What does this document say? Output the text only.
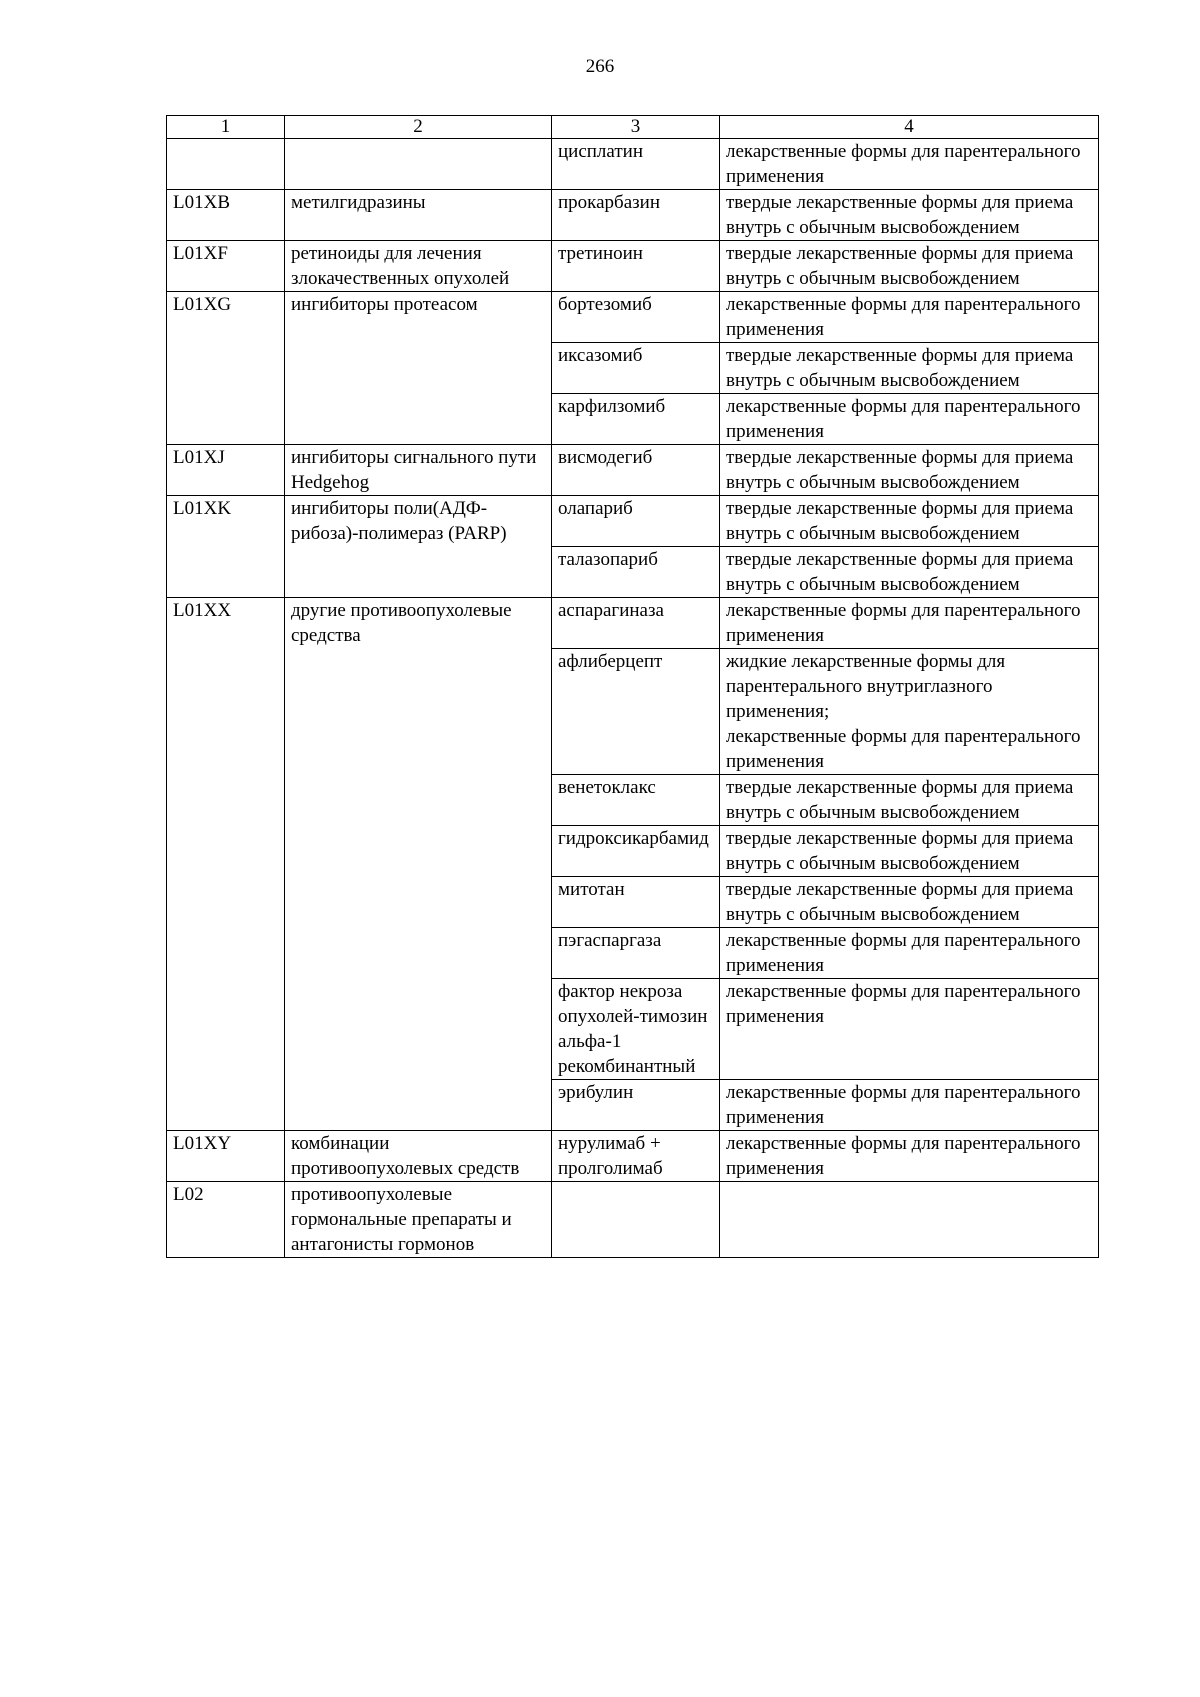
266
1	2	3	4
		цисплатин	лекарственные формы для парентерального применения

L01XB	метилгидразины	прокарбазин	твердые лекарственные формы для приема внутрь с обычным высвобождением

L01XF	ретиноиды для лечения злокачественных опухолей	третиноин	твердые лекарственные формы для приема внутрь с обычным высвобождением

L01XG	ингибиторы протеасом	бортезомиб	лекарственные формы для парентерального применения

		иксазомиб	твердые лекарственные формы для приема внутрь с обычным высвобождением

		карфилзомиб	лекарственные формы для парентерального применения

L01XJ	ингибиторы сигнального пути Hedgehog	висмодегиб	твердые лекарственные формы для приема внутрь с обычным высвобождением

L01XK	ингибиторы поли(АДФ-рибоза)-полимераз (PARP)	олапариб	твердые лекарственные формы для приема внутрь с обычным высвобождением

		талазопариб	твердые лекарственные формы для приема внутрь с обычным высвобождением

L01XX	другие противоопухолевые средства	аспарагиназа	лекарственные формы для парентерального применения

		афлиберцепт	жидкие лекарственные формы для парентерального внутриглазного применения;
лекарственные формы для парентерального применения

		венетоклакс	твердые лекарственные формы для приема внутрь с обычным высвобождением

		гидроксикарбамид	твердые лекарственные формы для приема внутрь с обычным высвобождением

		митотан	твердые лекарственные формы для приема внутрь с обычным высвобождением

		пэгаспаргаза	лекарственные формы для парентерального применения

		фактор некроза опухолей-тимозин альфа-1 рекомбинантный	лекарственные формы для парентерального применения

		эрибулин	лекарственные формы для парентерального применения

L01XY	комбинации противоопухолевых средств	нурулимаб + пролголимаб	лекарственные формы для парентерального применения

L02	противоопухолевые гормональные препараты и антагонисты гормонов		
